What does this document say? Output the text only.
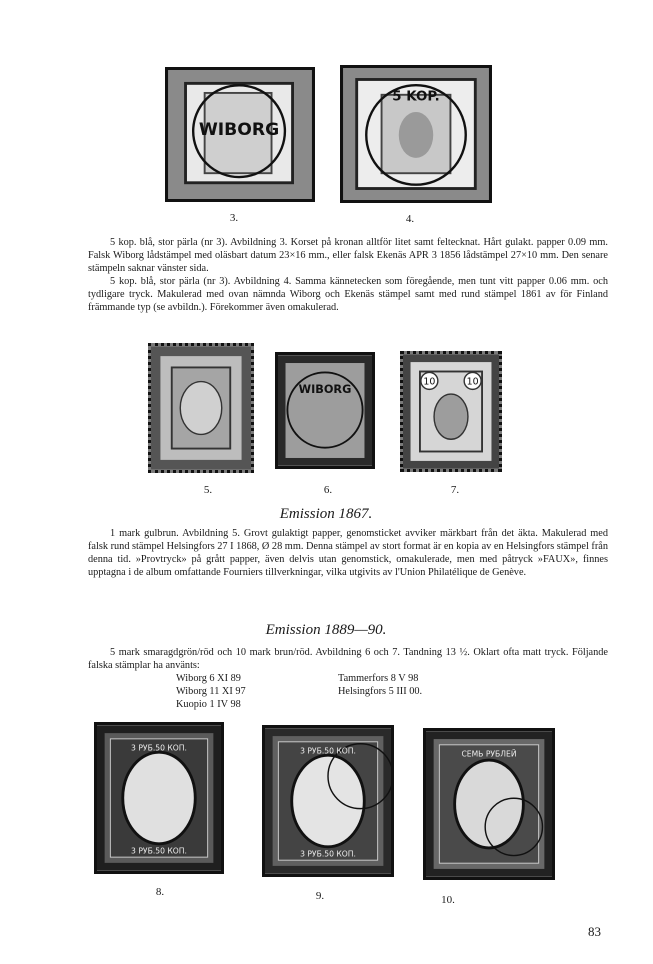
WIBORG
3.
5 KOP.
4.

5 kop. blå, stor pärla (nr 3). Avbildning 3. Korset på kronan alltför litet samt feltecknat. Hårt gulakt. papper 0.09 mm. Falsk Wiborg lådstämpel med oläsbart datum 23×16 mm., eller falsk Ekenäs APR 3 1856 lådstämpel 27×10 mm. Den senare stämpeln saknar vänster sida.

5 kop. blå, stor pärla (nr 3). Avbildning 4. Samma kännetecken som föregående, men tunt vitt papper 0.06 mm. och tydligare tryck. Makulerad med ovan nämnda Wiborg och Ekenäs stämpel samt med rund stämpel 1861 av för Finland främmande typ (se avbildn.). Förekommer även omakulerad.

5.
WIBORG
6.
10	10
7.
Emission 1867.

1 mark gulbrun. Avbildning 5. Grovt gulaktigt papper, genomsticket avviker märkbart från det äkta. Makulerad med falsk rund stämpel Helsingfors 27 I 1868, Ø 28 mm. Denna stämpel av stort format är en kopia av en Helsingfors stämpel från denna tid. »Provtryck» på grått papper, även delvis utan genomstick, omakulerade, men med påtryck »FAUX», finnes upptagna i de album omfattande Fourniers tillverkningar, vilka utgivits av l'Union Philatélique de Genève.

Emission 1889—90.

5 mark smaragdgrön/röd och 10 mark brun/röd. Avbildning 6 och 7. Tandning 13 ½. Oklart ofta matt tryck. Följande falska stämplar ha använts:

Wiborg 6 XI 89
Wiborg 11 XI 97
Kuopio 1 IV 98
Tammerfors 8 V 98
Helsingfors 5 III 00.
3 РУБ.50 КОП.
3 РУБ.50 КОП.
8.
3 РУБ.50 КОП.
3 РУБ.50 КОП.
9.
СЕМЬ РУБЛЕЙ
10.
83
